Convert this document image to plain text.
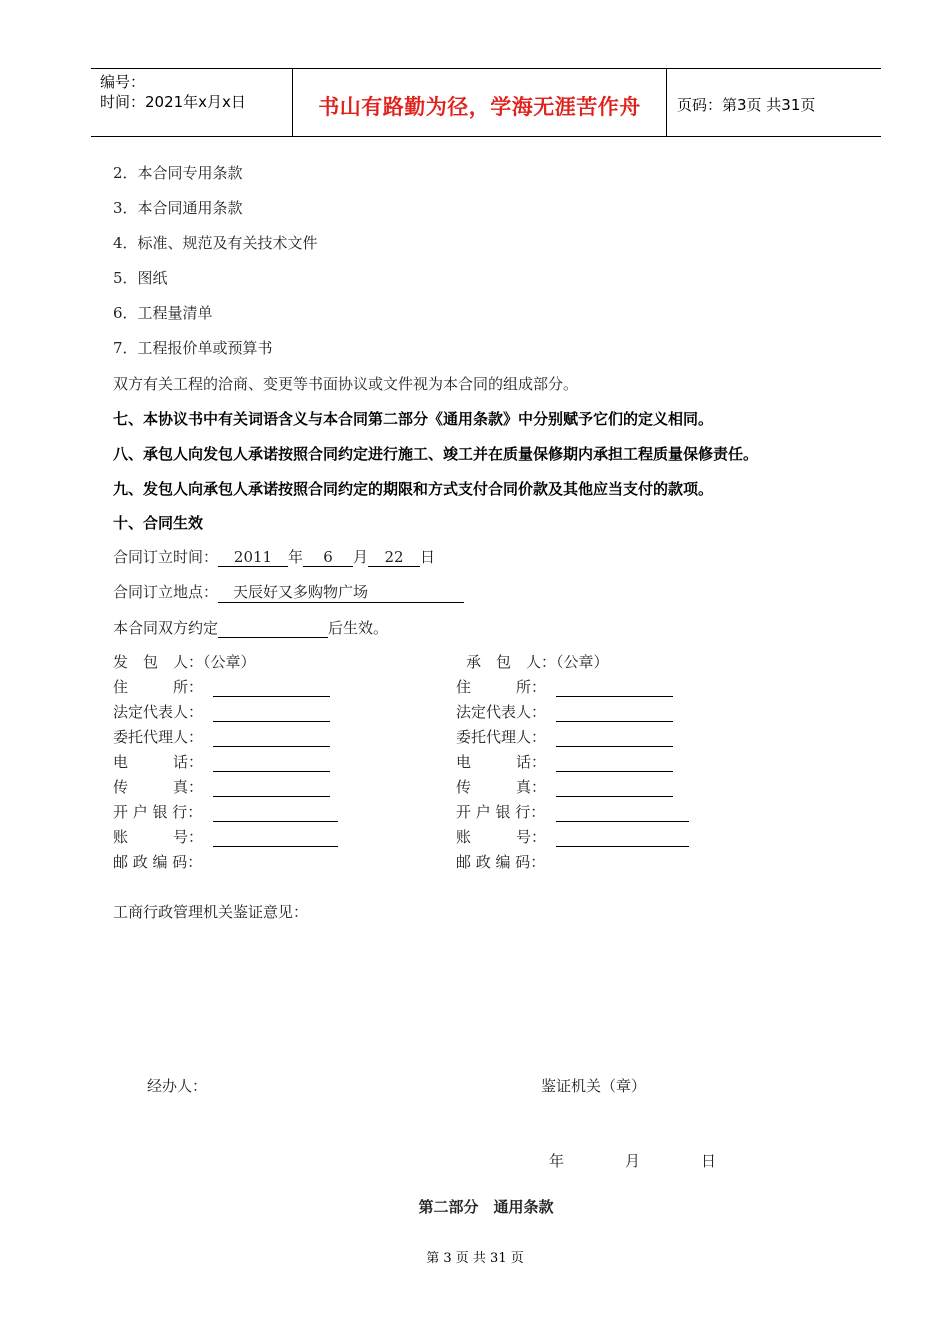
编号：
时间：2021年x月x日	书山有路勤为径，学海无涯苦作舟	页码：第3页 共31页
2．本合同专用条款
3．本合同通用条款
4．标准、规范及有关技术文件
5．图纸
6．工程量清单
7．工程报价单或预算书
双方有关工程的洽商、变更等书面协议或文件视为本合同的组成部分。
七、本协议书中有关词语含义与本合同第二部分《通用条款》中分别赋予它们的定义相同。
八、承包人向发包人承诺按照合同约定进行施工、竣工并在质量保修期内承担工程质量保修责任。
九、发包人向承包人承诺按照合同约定的期限和方式支付合同价款及其他应当支付的款项。
十、合同生效
合同订立时间： 2011 年 6 月 22 日
合同订立地点：  天辰好又多购物广场
本合同双方约定	后生效。
发　包　人：（公章）
住　　　所：
法定代表人：
委托代理人：
电　　　话：
传　　　真：
开 户 银 行：
账　　　号：
邮 政 编 码：
承　包　人：（公章）
住　　　所：
法定代表人：
委托代理人：
电　　　话：
传　　　真：
开 户 银 行：
账　　　号：
邮 政 编 码：
工商行政管理机关鉴证意见：
经办人：	鉴证机关（章）
年	月	日
第二部分　通用条款
第 3 页 共 31 页
